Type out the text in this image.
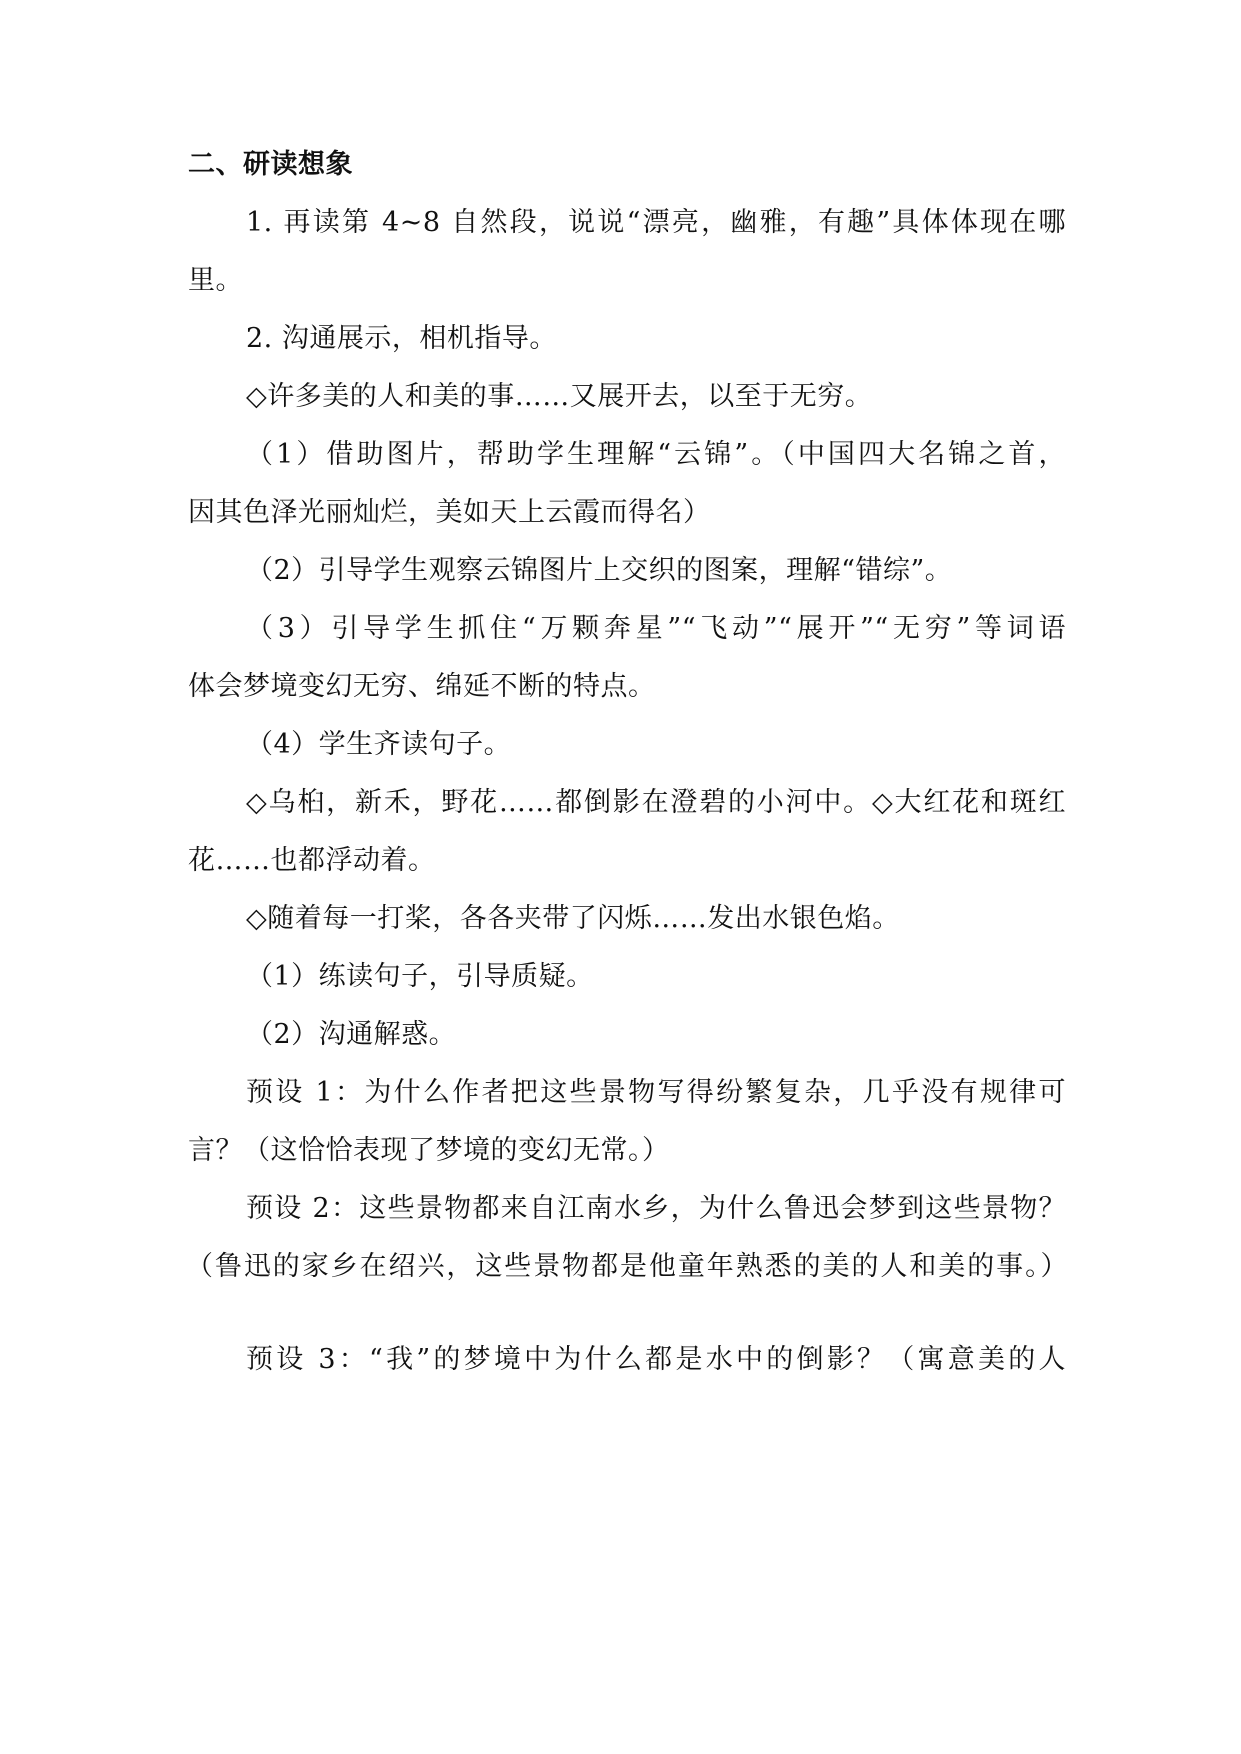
二、研读想象
1. 再读第 4~8 自然段，说说“漂亮，幽雅，有趣”具体体现在哪
里。
2. 沟通展示，相机指导。
◇许多美的人和美的事……又展开去，以至于无穷。
（1）借助图片，帮助学生理解“云锦”。（中国四大名锦之首，
因其色泽光丽灿烂，美如天上云霞而得名）
（2）引导学生观察云锦图片上交织的图案，理解“错综”。
（3）引导学生抓住“万颗奔星”“飞动”“展开”“无穷”等词语
体会梦境变幻无穷、绵延不断的特点。
（4）学生齐读句子。
◇乌桕，新禾，野花……都倒影在澄碧的小河中。◇大红花和斑红
花……也都浮动着。
◇随着每一打桨，各各夹带了闪烁……发出水银色焰。
（1）练读句子，引导质疑。
（2）沟通解惑。
预设 1：为什么作者把这些景物写得纷繁复杂，几乎没有规律可
言？（这恰恰表现了梦境的变幻无常。）
预设 2：这些景物都来自江南水乡，为什么鲁迅会梦到这些景物？
（鲁迅的家乡在绍兴，这些景物都是他童年熟悉的美的人和美的事。）
预设 3：“我”的梦境中为什么都是水中的倒影？（寓意美的人
